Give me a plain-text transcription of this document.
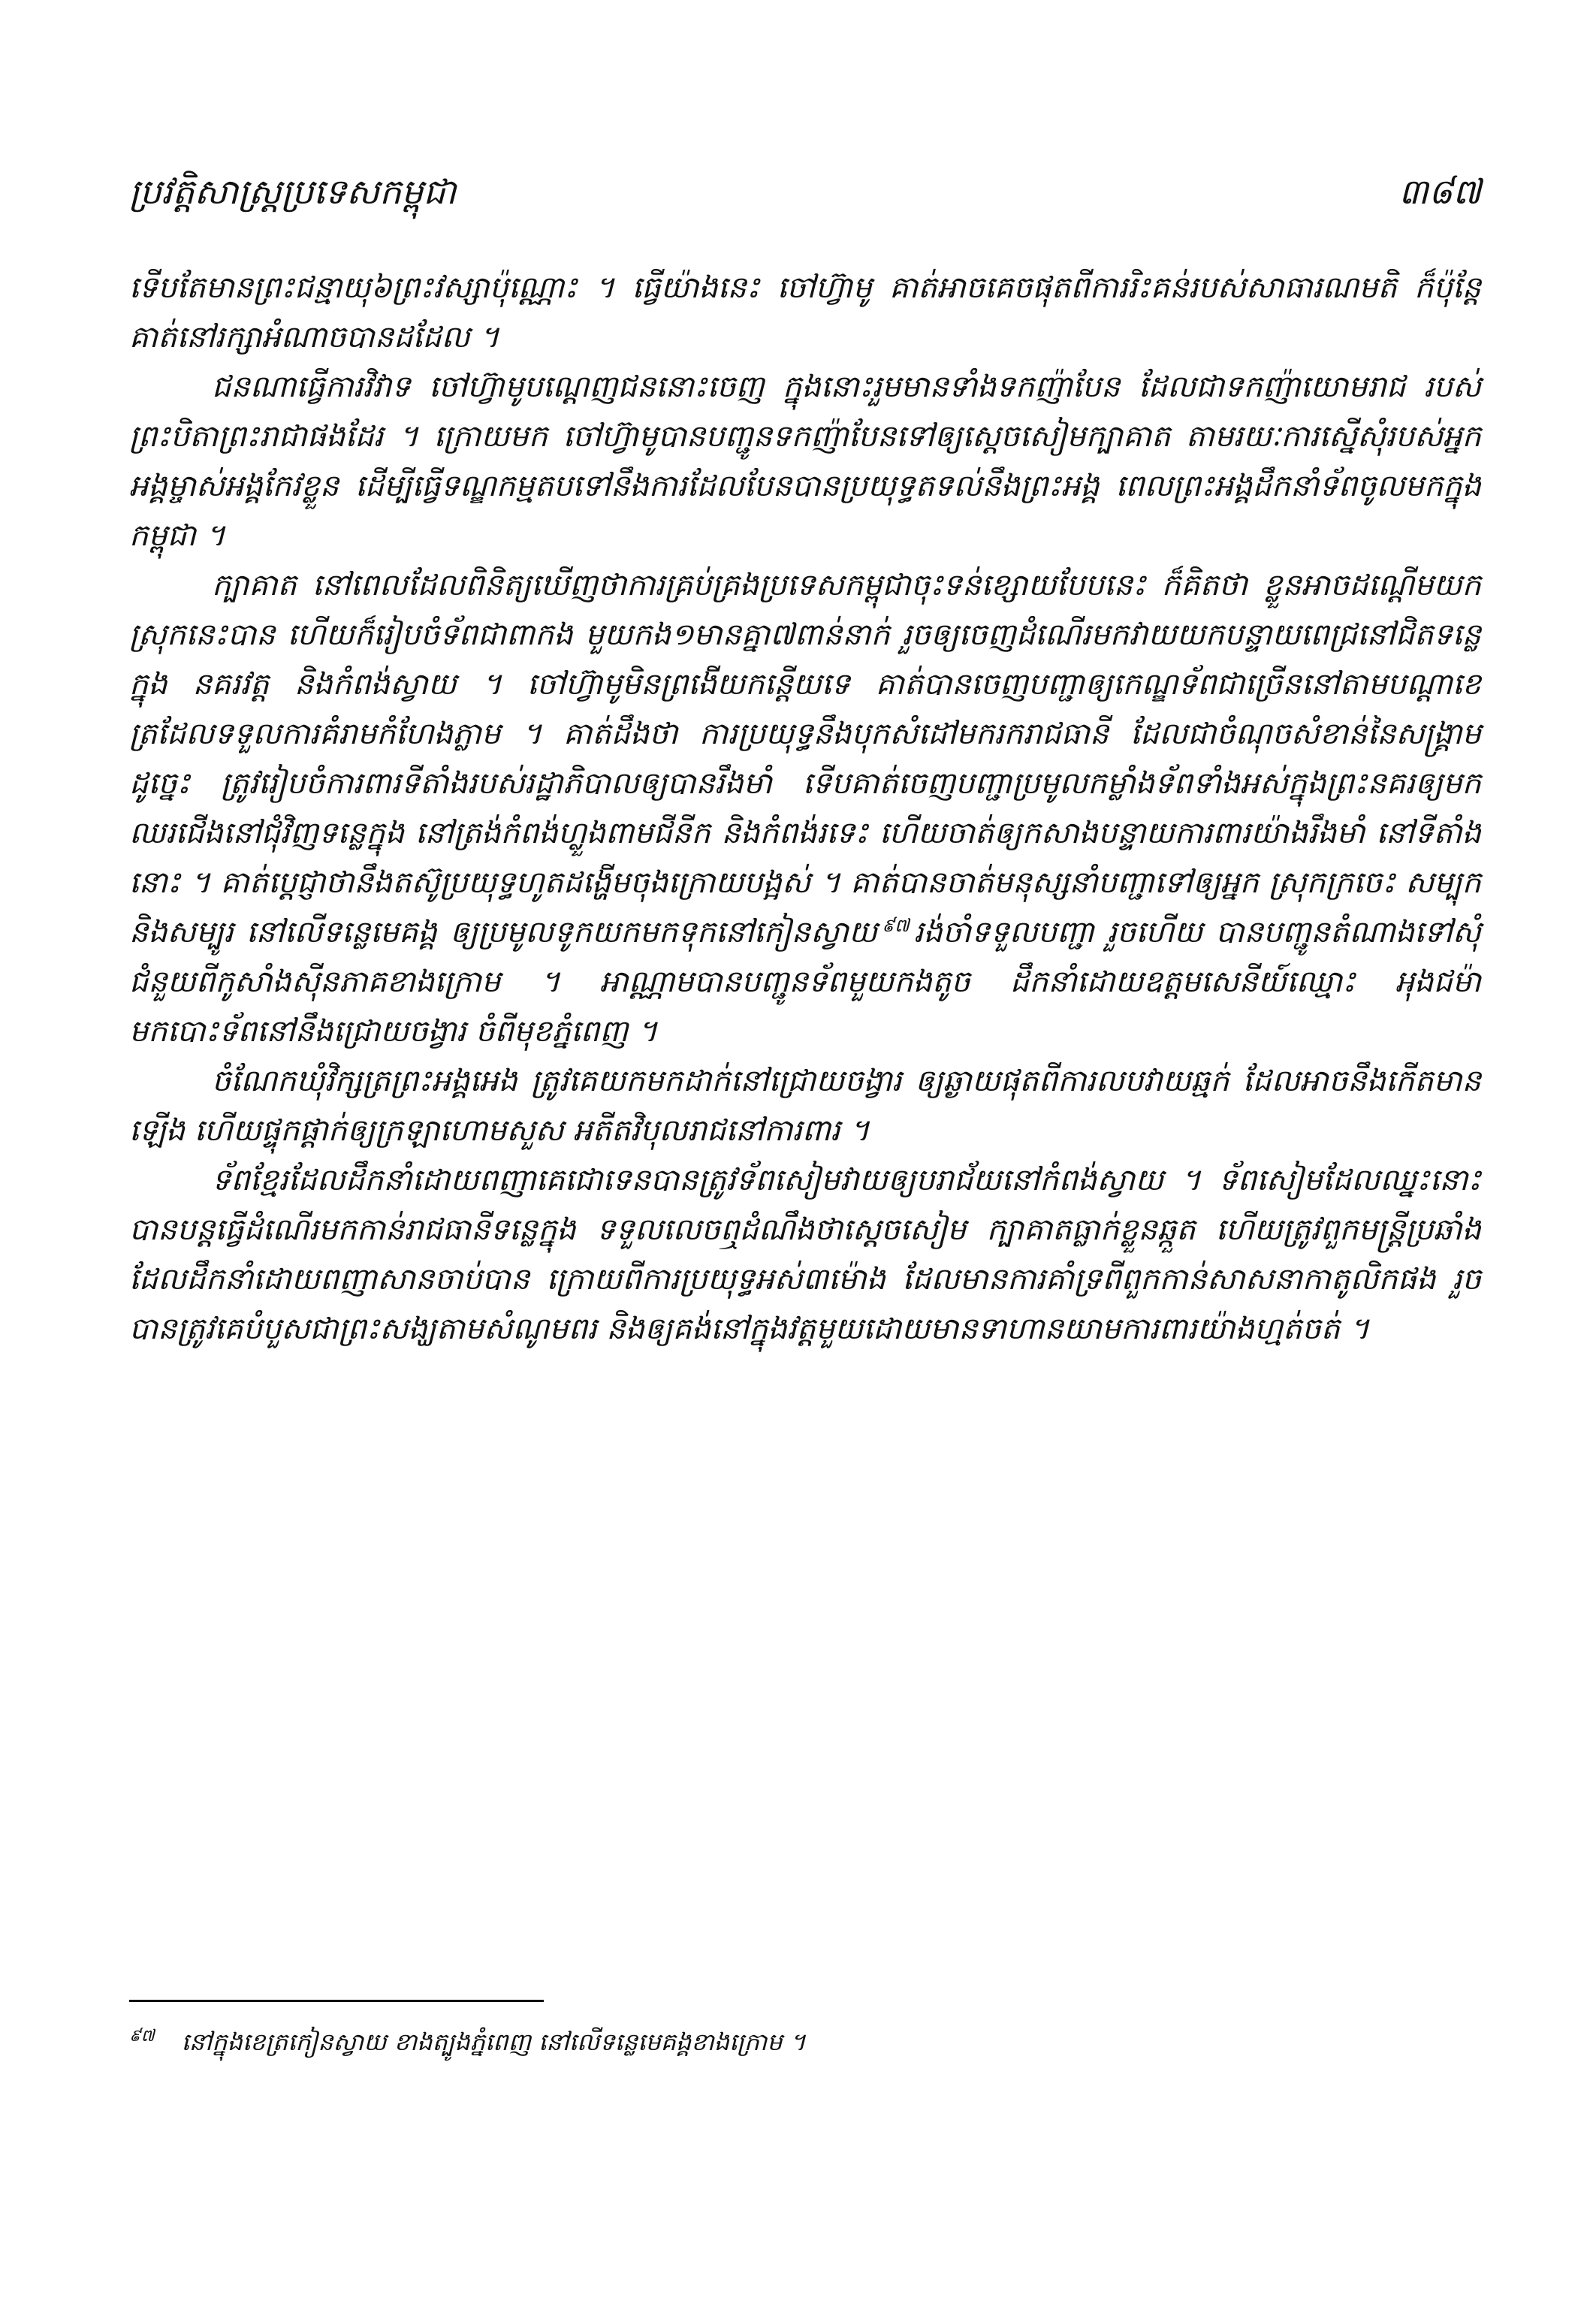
ប្រវត្តិសាស្ត្រប្រទេសកម្ពុជា	៣៨៧

ទើបតែមានព្រះជន្មាយុ៦ព្រះវស្សាប៉ុណ្ណោះ ។ ធ្វើយ៉ាងនេះ ចៅហ៊្វាមូ គាត់អាចគេចផុតពីការរិះគន់របស់សាធារណមតិ ក៏ប៉ុន្តែគាត់នៅរក្សាអំណាចបានដដែល ។

ជនណាធ្វើការវិវាទ ចៅហ៊្វាមូបណ្តេញជននោះចេញ ក្នុងនោះរួមមានទាំងទកញ៉ាបែន ដែលជាទកញ៉ាយោមរាជ របស់ព្រះបិតាព្រះរាជាផងដែរ ។ ក្រោយមក ចៅហ៊្វាមូបានបញ្ជូនទកញ៉ាបែនទៅឲ្យស្តេចសៀមក្បាគាត តាមរយៈការស្នើសុំរបស់អ្នកអង្គម្ចាស់អង្គកែវខ្លួន ដើម្បីធ្វើទណ្ឌកម្មតបទៅនឹងការដែលបែនបានប្រយុទ្ធតទល់នឹងព្រះអង្គ ពេលព្រះអង្គដឹកនាំទ័ពចូលមកក្នុងកម្ពុជា ។

ក្បាគាត នៅពេលដែលពិនិត្យឃើញថាការគ្រប់គ្រងប្រទេសកម្ពុជាចុះទន់ខ្សោយបែបនេះ ក៏គិតថា ខ្លួនអាចដណ្តើមយកស្រុកនេះបាន ហើយក៏រៀបចំទ័ពជាពាកង មួយកង១មានគ្នា៧ពាន់នាក់ រួចឲ្យចេញដំណើរមកវាយយកបន្ទាយពេជ្រនៅជិតទន្លេក្នុង នគរវត្ត និងកំពង់ស្វាយ ។ ចៅហ៊្វាមូមិនព្រងើយកន្តើយទេ គាត់បានចេញបញ្ជាឲ្យកេណ្ឌទ័ពជាច្រើននៅតាមបណ្តាខេត្រដែលទទួលការគំរាមកំហែងភ្លាម ។ គាត់ដឹងថា ការប្រយុទ្ធនឹងបុកសំដៅមករករាជធានី ដែលជាចំណុចសំខាន់នៃសង្គ្រាម ដូច្នេះ ត្រូវរៀបចំការពារទីតាំងរបស់រដ្ឋាភិបាលឲ្យបានរឹងមាំ ទើបគាត់ចេញបញ្ជាប្រមូលកម្លាំងទ័ពទាំងអស់ក្នុងព្រះនគរឲ្យមកឈរជើងនៅជុំវិញទន្លេក្នុង នៅត្រង់កំពង់ហ្លួងពាមជីនីក និងកំពង់រទេះ ហើយចាត់ឲ្យកសាងបន្ទាយការពារយ៉ាងរឹងមាំ នៅទីតាំងនោះ ។ គាត់ប្តេជ្ញាថានឹងតស៊ូប្រយុទ្ធហូតដង្ហើមចុងក្រោយបង្អស់ ។ គាត់បានចាត់មនុស្សនាំបញ្ជាទៅឲ្យអ្នក ស្រុកក្រចេះ សម្បុក និងសម្បូរ នៅលើទន្លេមេគង្គ ឲ្យប្រមូលទូកយកមកទុកនៅកៀនស្វាយ $^{៩៧}$ រង់ចាំទទួលបញ្ជា រួចហើយ បានបញ្ជូនតំណាងទៅសុំជំនួយពីកូសាំងស៊ីនភាគខាងក្រោម ។ អាណ្ណាមបានបញ្ជូនទ័ពមួយកងតូច ដឹកនាំដោយឧត្តមសេនីយ៍ឈ្មោះ អុងជម៉ា មកបោះទ័ពនៅនឹងជ្រោយចង្វារ ចំពីមុខភ្នំពេញ ។

ចំណែកឃុំវិក្សត្រព្រះអង្គអេង ត្រូវគេយកមកដាក់នៅជ្រោយចង្វារ ឲ្យឆ្ងាយផុតពីការលបវាយឆ្មក់ ដែលអាចនឹងកើតមានឡើង ហើយផ្ទុកផ្តាក់ឲ្យក្រឡាហោមសួស អតីតវិបុលរាជនៅការពារ ។

ទ័ពខ្មែរដែលដឹកនាំដោយពញាគេជោទេនបានត្រូវទ័ពសៀមវាយឲ្យបរាជ័យនៅកំពង់ស្វាយ ។ ទ័ពសៀមដែលឈ្នះនោះបានបន្តធ្វើដំណើរមកកាន់រាជធានីទន្លេក្នុង ទទួលលេចឮដំណឹងថាស្តេចសៀម ក្បាគាតធ្លាក់ខ្លួនឆ្កួត ហើយត្រូវពួកមន្ត្រីប្រឆាំង ដែលដឹកនាំដោយពញាសានចាប់បាន ក្រោយពីការប្រយុទ្ធអស់៣ម៉ោង ដែលមានការគាំទ្រពីពួកកាន់សាសនាកាតូលិកផង រួចបានត្រូវគេបំបួសជាព្រះសង្ឃតាមសំណូមពរ និងឲ្យគង់នៅក្នុងវត្តមួយដោយមានទាហានយាមការពារយ៉ាងហ្មត់ចត់ ។

$^{៩៧}$ នៅក្នុងខេត្រកៀនស្វាយ ខាងត្បូងភ្នំពេញ នៅលើទន្លេមេគង្គខាងក្រោម ។
